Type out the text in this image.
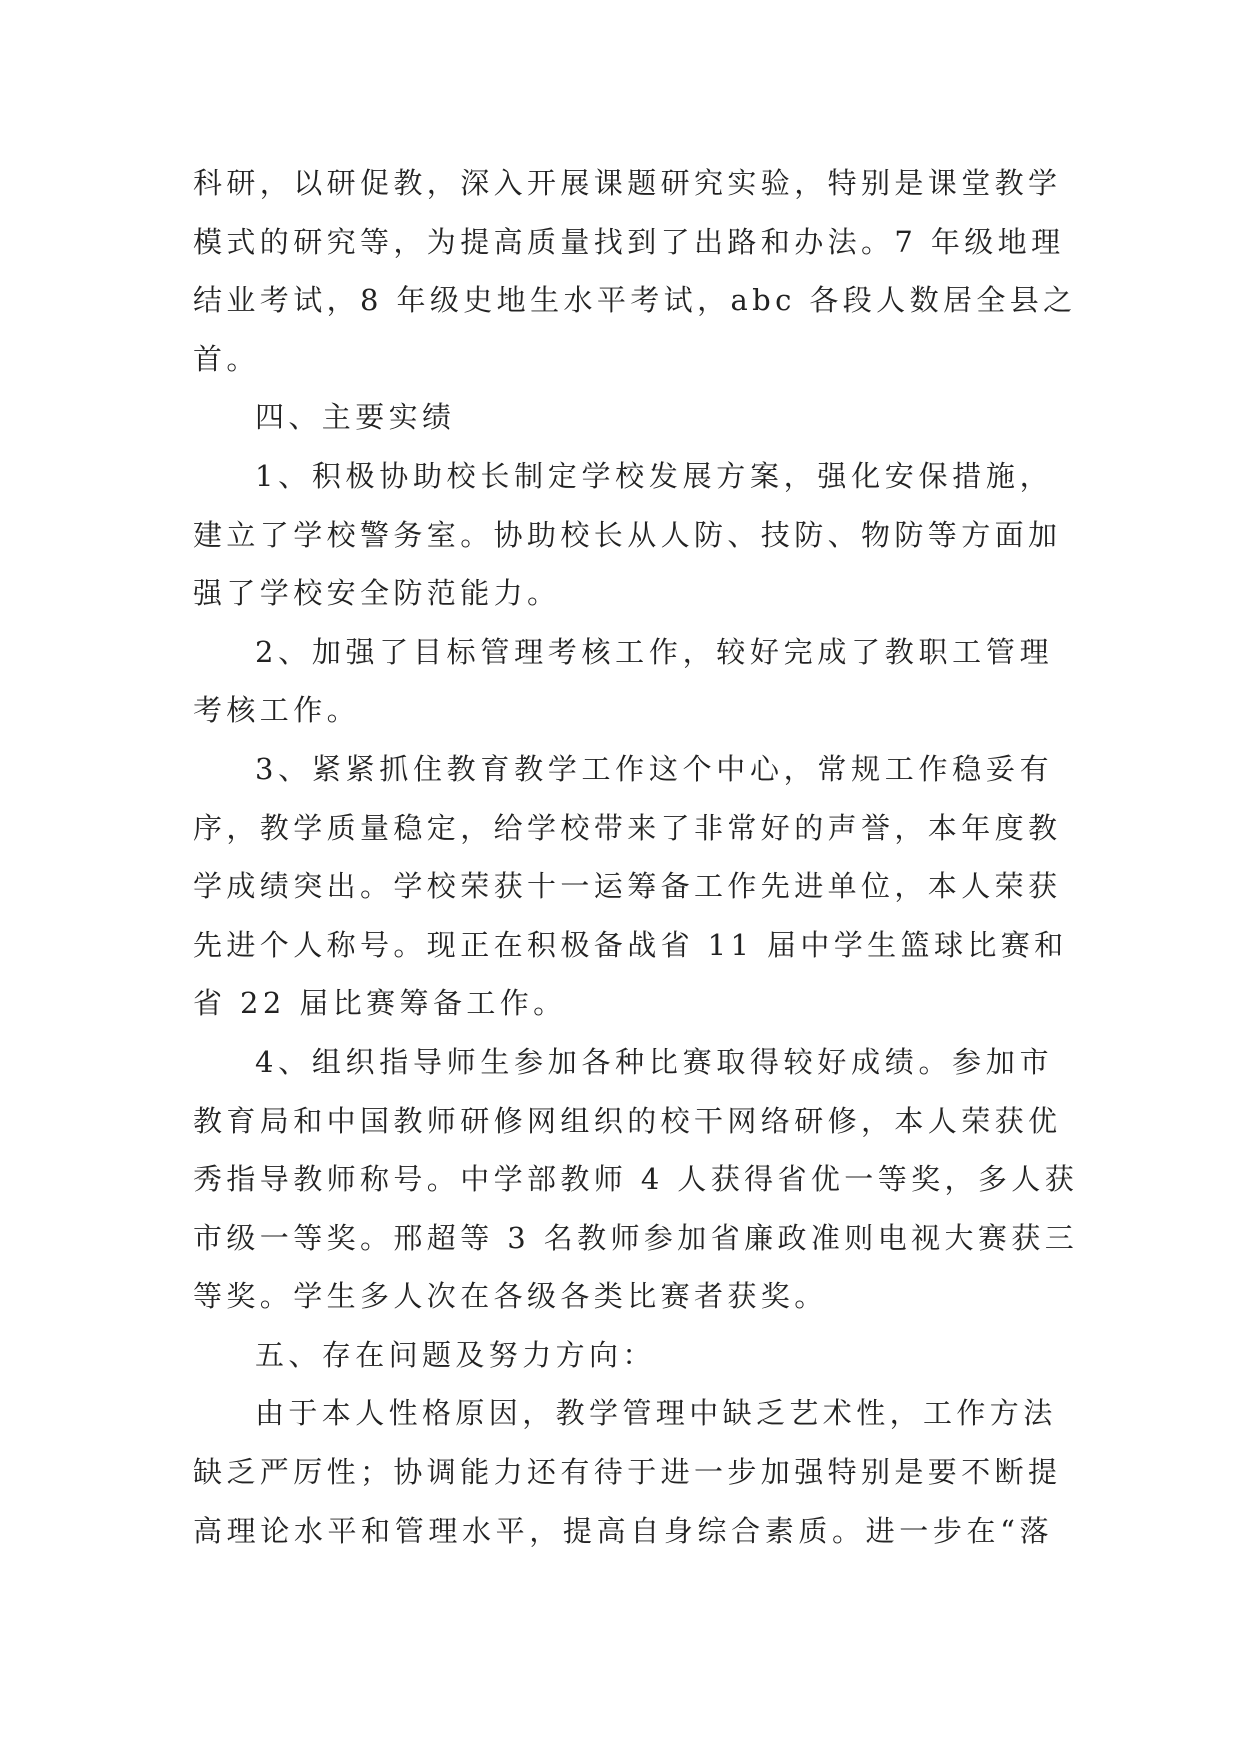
科研，以研促教，深入开展课题研究实验，特别是课堂教学
模式的研究等，为提高质量找到了出路和办法。7 年级地理
结业考试，8 年级史地生水平考试，abc 各段人数居全县之
首。

四、主要实绩

1、积极协助校长制定学校发展方案，强化安保措施，
建立了学校警务室。协助校长从人防、技防、物防等方面加
强了学校安全防范能力。

2、加强了目标管理考核工作，较好完成了教职工管理
考核工作。

3、紧紧抓住教育教学工作这个中心，常规工作稳妥有
序，教学质量稳定，给学校带来了非常好的声誉，本年度教
学成绩突出。学校荣获十一运筹备工作先进单位，本人荣获
先进个人称号。现正在积极备战省 11 届中学生篮球比赛和
省 22 届比赛筹备工作。

4、组织指导师生参加各种比赛取得较好成绩。参加市
教育局和中国教师研修网组织的校干网络研修，本人荣获优
秀指导教师称号。中学部教师 4 人获得省优一等奖，多人获
市级一等奖。邢超等 3 名教师参加省廉政准则电视大赛获三
等奖。学生多人次在各级各类比赛者获奖。

五、存在问题及努力方向：

由于本人性格原因，教学管理中缺乏艺术性，工作方法
缺乏严厉性；协调能力还有待于进一步加强特别是要不断提
高理论水平和管理水平，提高自身综合素质。进一步在“落
